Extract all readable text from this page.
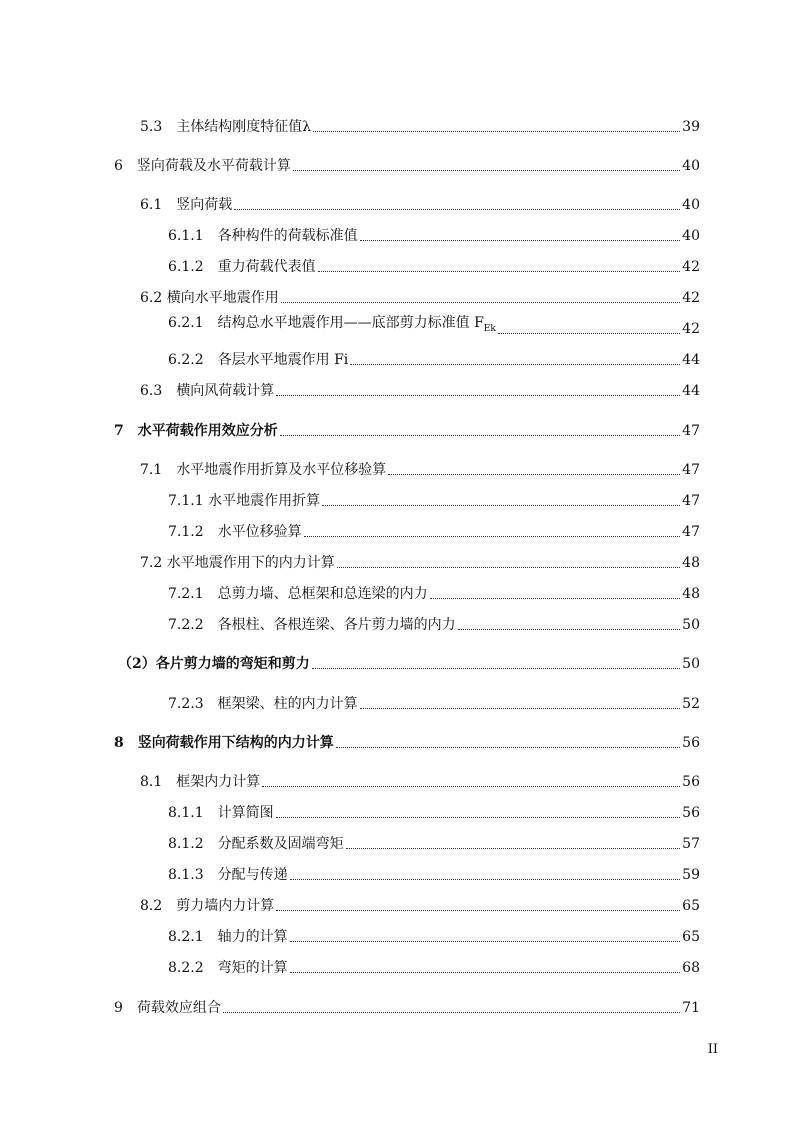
5.3 主体结构刚度特征值λ	39
6 竖向荷载及水平荷载计算	40
6.1 竖向荷载	40
6.1.1 各种构件的荷载标准值	40
6.1.2 重力荷载代表值	42
6.2 横向水平地震作用	42
6.2.1 结构总水平地震作用——底部剪力标准值 $F_{Ek}$	42
6.2.2 各层水平地震作用 Fi	44
6.3 横向风荷载计算	44
7 水平荷载作用效应分析	47
7.1 水平地震作用折算及水平位移验算	47
7.1.1 水平地震作用折算	47
7.1.2 水平位移验算	47
7.2 水平地震作用下的内力计算	48
7.2.1 总剪力墙、总框架和总连梁的内力	48
7.2.2 各根柱、各根连梁、各片剪力墙的内力	50
（2）各片剪力墙的弯矩和剪力	50
7.2.3 框架梁、柱的内力计算	52
8 竖向荷载作用下结构的内力计算	56
8.1 框架内力计算	56
8.1.1 计算简图	56
8.1.2 分配系数及固端弯矩	57
8.1.3 分配与传递	59
8.2 剪力墙内力计算	65
8.2.1 轴力的计算	65
8.2.2 弯矩的计算	68
9 荷载效应组合	71
II
